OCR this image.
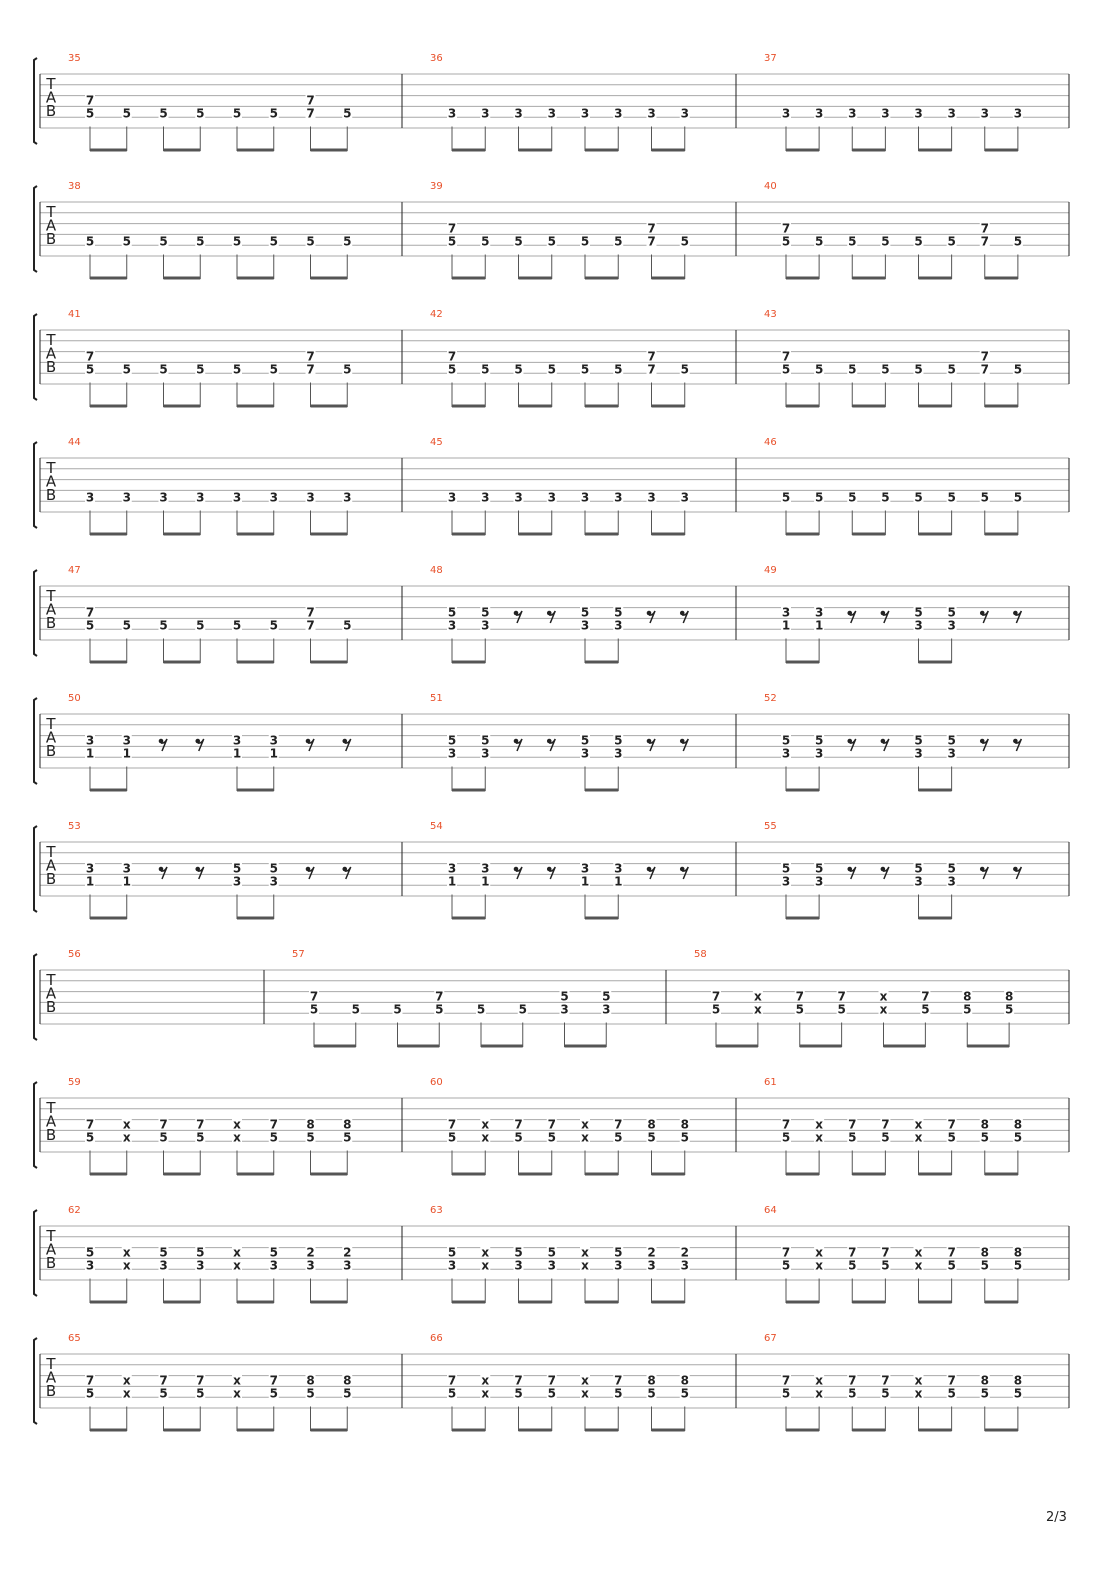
T
A
B
35
7
5 5 5 5 5 5
7
7 5
36
3 3 3 3 3 3 3 3
37
3 3 3 3 3 3 3 3
T
A
B
38
5 5 5 5 5 5 5 5
39
7
5 5 5 5 5 5
7
7 5
40
7
5 5 5 5 5 5
7
7 5
T
A
B
41
7
5 5 5 5 5 5
7
7 5
42
7
5 5 5 5 5 5
7
7 5
43
7
5 5 5 5 5 5
7
7 5
T
A
B
44
3 3 3 3 3 3 3 3
45
3 3 3 3 3 3 3 3
46
5 5 5 5 5 5 5 5
T
A
B
47
7
5 5 5 5 5 5
7
7 5
48
5
3
5
3
5
3
5
3
49
3
1
3
1
5
3
5
3
T
A
B
50
3
1
3
1
3
1
3
1
51
5
3
5
3
5
3
5
3
52
5
3
5
3
5
3
5
3
T
A
B
53
3
1
3
1
5
3
5
3
54
3
1
3
1
3
1
3
1
55
5
3
5
3
5
3
5
3
T
A
B
56	57
7
5	5	5
7
5	5	5
5
3
5
3
58
7
5
x
x
7
5
7
5
x
x
7
5
8
5
8
5
T
A
B
59
7
5
x
x
7
5
7
5
x
x
7
5
8
5
8
5
60
7
5
x
x
7
5
7
5
x
x
7
5
8
5
8
5
61
7
5
x
x
7
5
7
5
x
x
7
5
8
5
8
5
T
A
B
62
5
3
x
x
5
3
5
3
x
x
5
3
2
3
2
3
63
5
3
x
x
5
3
5
3
x
x
5
3
2
3
2
3
64
7
5
x
x
7
5
7
5
x
x
7
5
8
5
8
5
T
A
B
65
7
5
x
x
7
5
7
5
x
x
7
5
8
5
8
5
66
7
5
x
x
7
5
7
5
x
x
7
5
8
5
8
5
67
7
5
x
x
7
5
7
5
x
x
7
5
8
5
8
5
2/3
